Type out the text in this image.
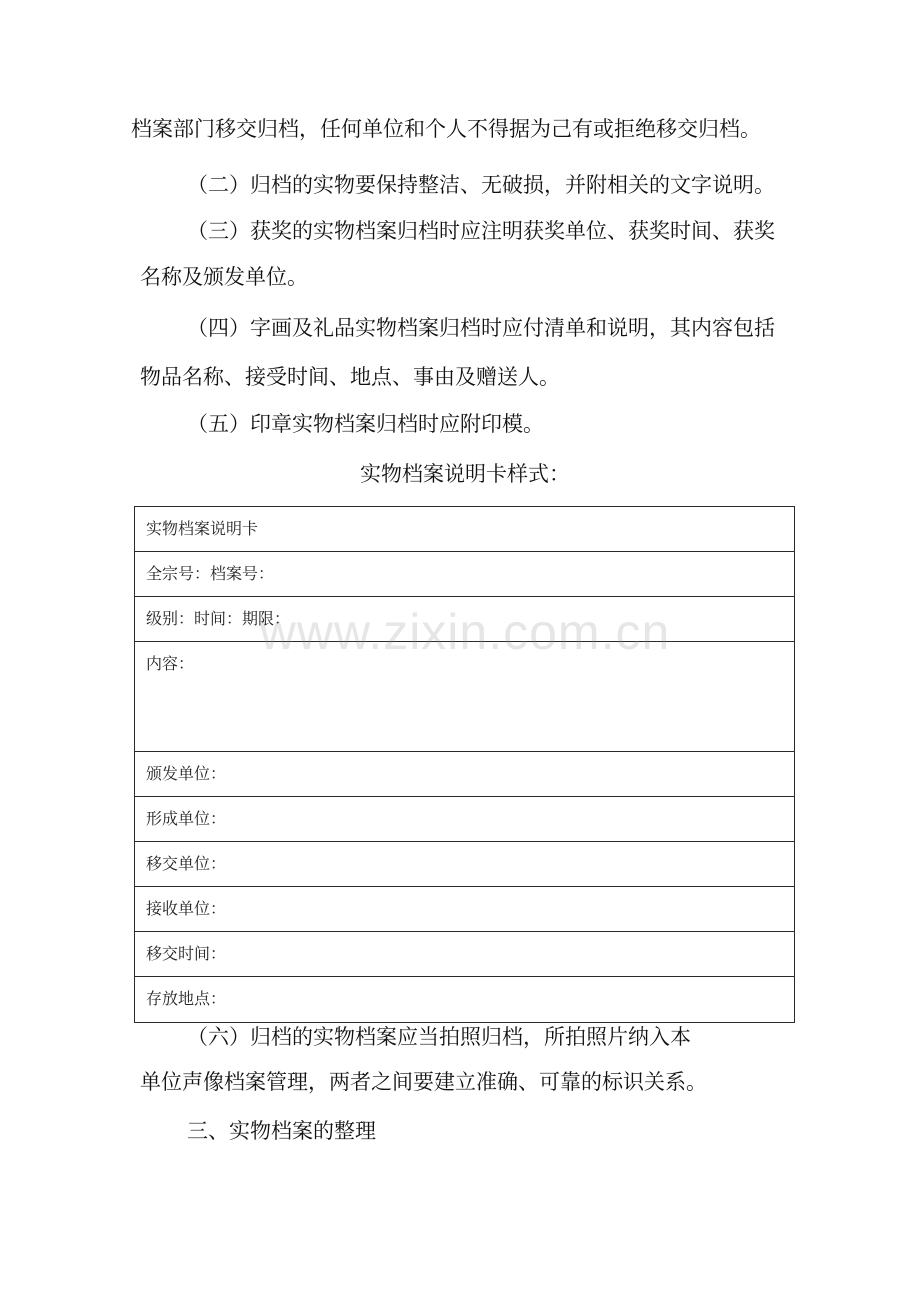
档案部门移交归档，任何单位和个人不得据为己有或拒绝移交归档。
（二）归档的实物要保持整洁、无破损，并附相关的文字说明。
（三）获奖的实物档案归档时应注明获奖单位、获奖时间、获奖
名称及颁发单位。
（四）字画及礼品实物档案归档时应付清单和说明，其内容包括
物品名称、接受时间、地点、事由及赠送人。
（五）印章实物档案归档时应附印模。
实物档案说明卡样式：
实物档案说明卡
全宗号：档案号：
级别：时间：期限：
内容：
颁发单位：
形成单位：
移交单位：
接收单位：
移交时间：
存放地点：
www.zixin.com.cn
（六）归档的实物档案应当拍照归档，所拍照片纳入本
单位声像档案管理，两者之间要建立准确、可靠的标识关系。
三、实物档案的整理
